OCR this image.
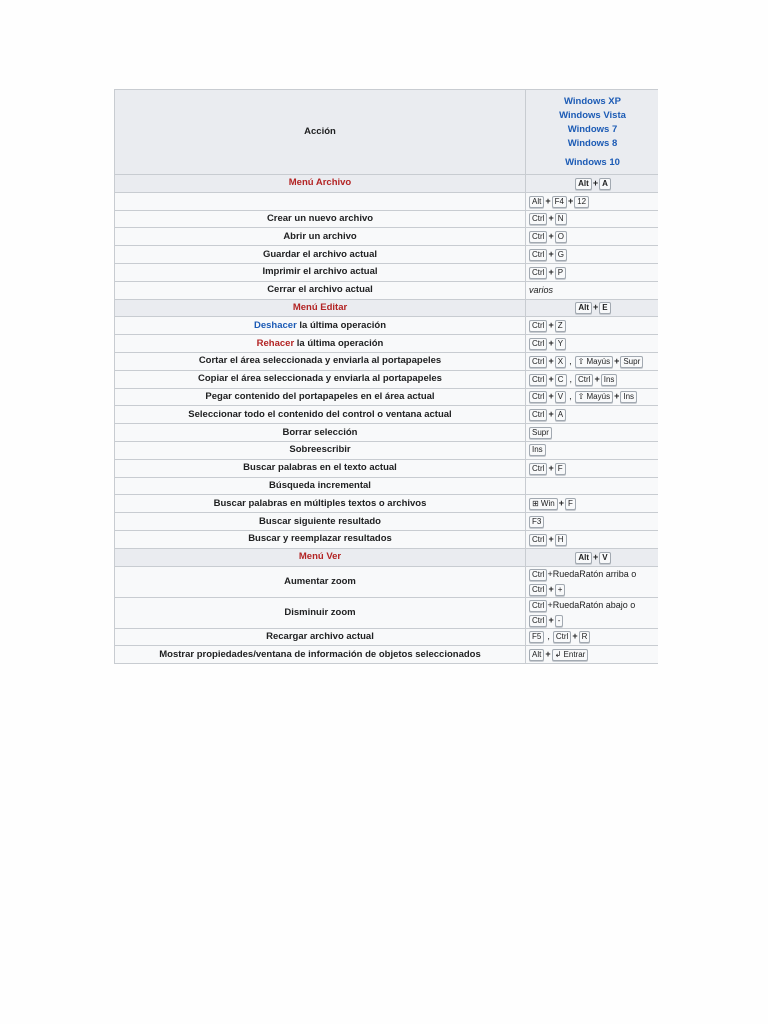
Acción	Windows XP
Windows Vista
Windows 7
Windows 8
Windows 10

Menú Archivo	Alt + A
	Alt + F4 + 12
Crear un nuevo archivo	Ctrl + N
Abrir un archivo	Ctrl + O
Guardar el archivo actual	Ctrl + G
Imprimir el archivo actual	Ctrl + P
Cerrar el archivo actual	varios
Menú Editar	Alt + E
Deshacer la última operación	Ctrl + Z
Rehacer la última operación	Ctrl + Y
Cortar el área seleccionada y enviarla al portapapeles	Ctrl + X , ⇧ Mayús + Supr
Copiar el área seleccionada y enviarla al portapapeles	Ctrl + C , Ctrl + Ins
Pegar contenido del portapapeles en el área actual	Ctrl + V , ⇧ Mayús + Ins
Seleccionar todo el contenido del control o ventana actual	Ctrl + A
Borrar selección	Supr
Sobreescribir	Ins
Buscar palabras en el texto actual	Ctrl + F
Búsqueda incremental	
Buscar palabras en múltiples textos o archivos	⊞ Win + F
Buscar siguiente resultado	F3
Buscar y reemplazar resultados	Ctrl + H
Menú Ver	Alt + V
Aumentar zoom	Ctrl +RuedaRatón arriba o
Ctrl + +
Disminuir zoom	Ctrl +RuedaRatón abajo o
Ctrl + -
Recargar archivo actual	F5 , Ctrl + R
Mostrar propiedades/ventana de información de objetos seleccionados	Alt + ↲ Entrar
